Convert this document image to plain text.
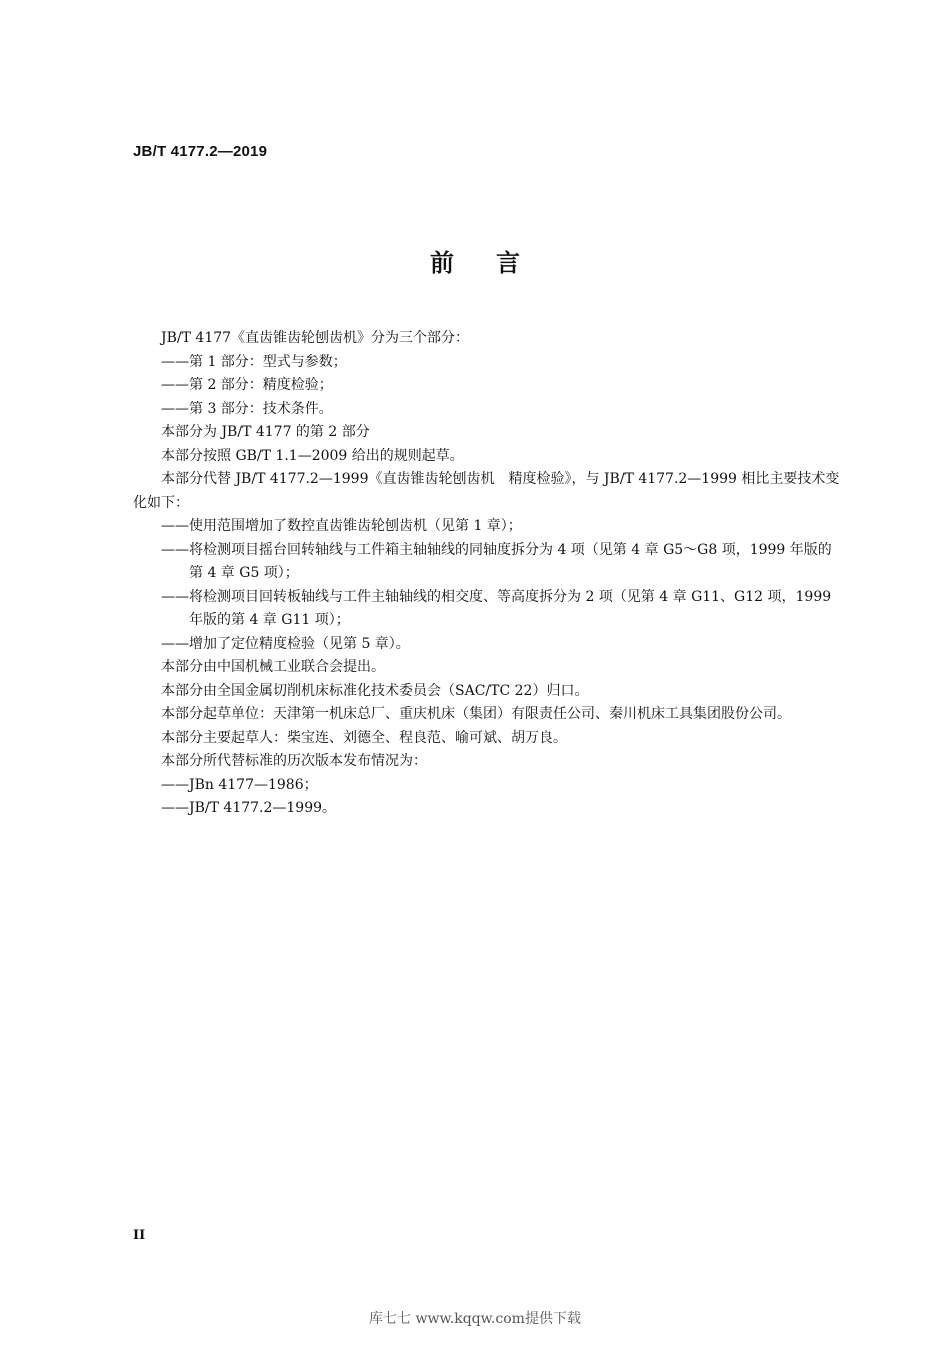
JB/T 4177.2—2019
前言

JB/T 4177《直齿锥齿轮刨齿机》分为三个部分：

——第 1 部分：型式与参数；

——第 2 部分：精度检验；

——第 3 部分：技术条件。

本部分为 JB/T 4177 的第 2 部分

本部分按照 GB/T 1.1—2009 给出的规则起草。

本部分代替 JB/T 4177.2—1999《直齿锥齿轮刨齿机　精度检验》，与 JB/T 4177.2—1999 相比主要技术变化如下：

——使用范围增加了数控直齿锥齿轮刨齿机（见第 1 章）；

——将检测项目摇台回转轴线与工件箱主轴轴线的同轴度拆分为 4 项（见第 4 章 G5～G8 项，1999 年版的第 4 章 G5 项）；

——将检测项目回转板轴线与工件主轴轴线的相交度、等高度拆分为 2 项（见第 4 章 G11、G12 项，1999 年版的第 4 章 G11 项）；

——增加了定位精度检验（见第 5 章）。

本部分由中国机械工业联合会提出。

本部分由全国金属切削机床标准化技术委员会（SAC/TC 22）归口。

本部分起草单位：天津第一机床总厂、重庆机床（集团）有限责任公司、秦川机床工具集团股份公司。

本部分主要起草人：柴宝连、刘德全、程良范、喻可斌、胡万良。

本部分所代替标准的历次版本发布情况为：

——JBn 4177—1986；

——JB/T 4177.2—1999。

II
库七七 www.kqqw.com提供下载
